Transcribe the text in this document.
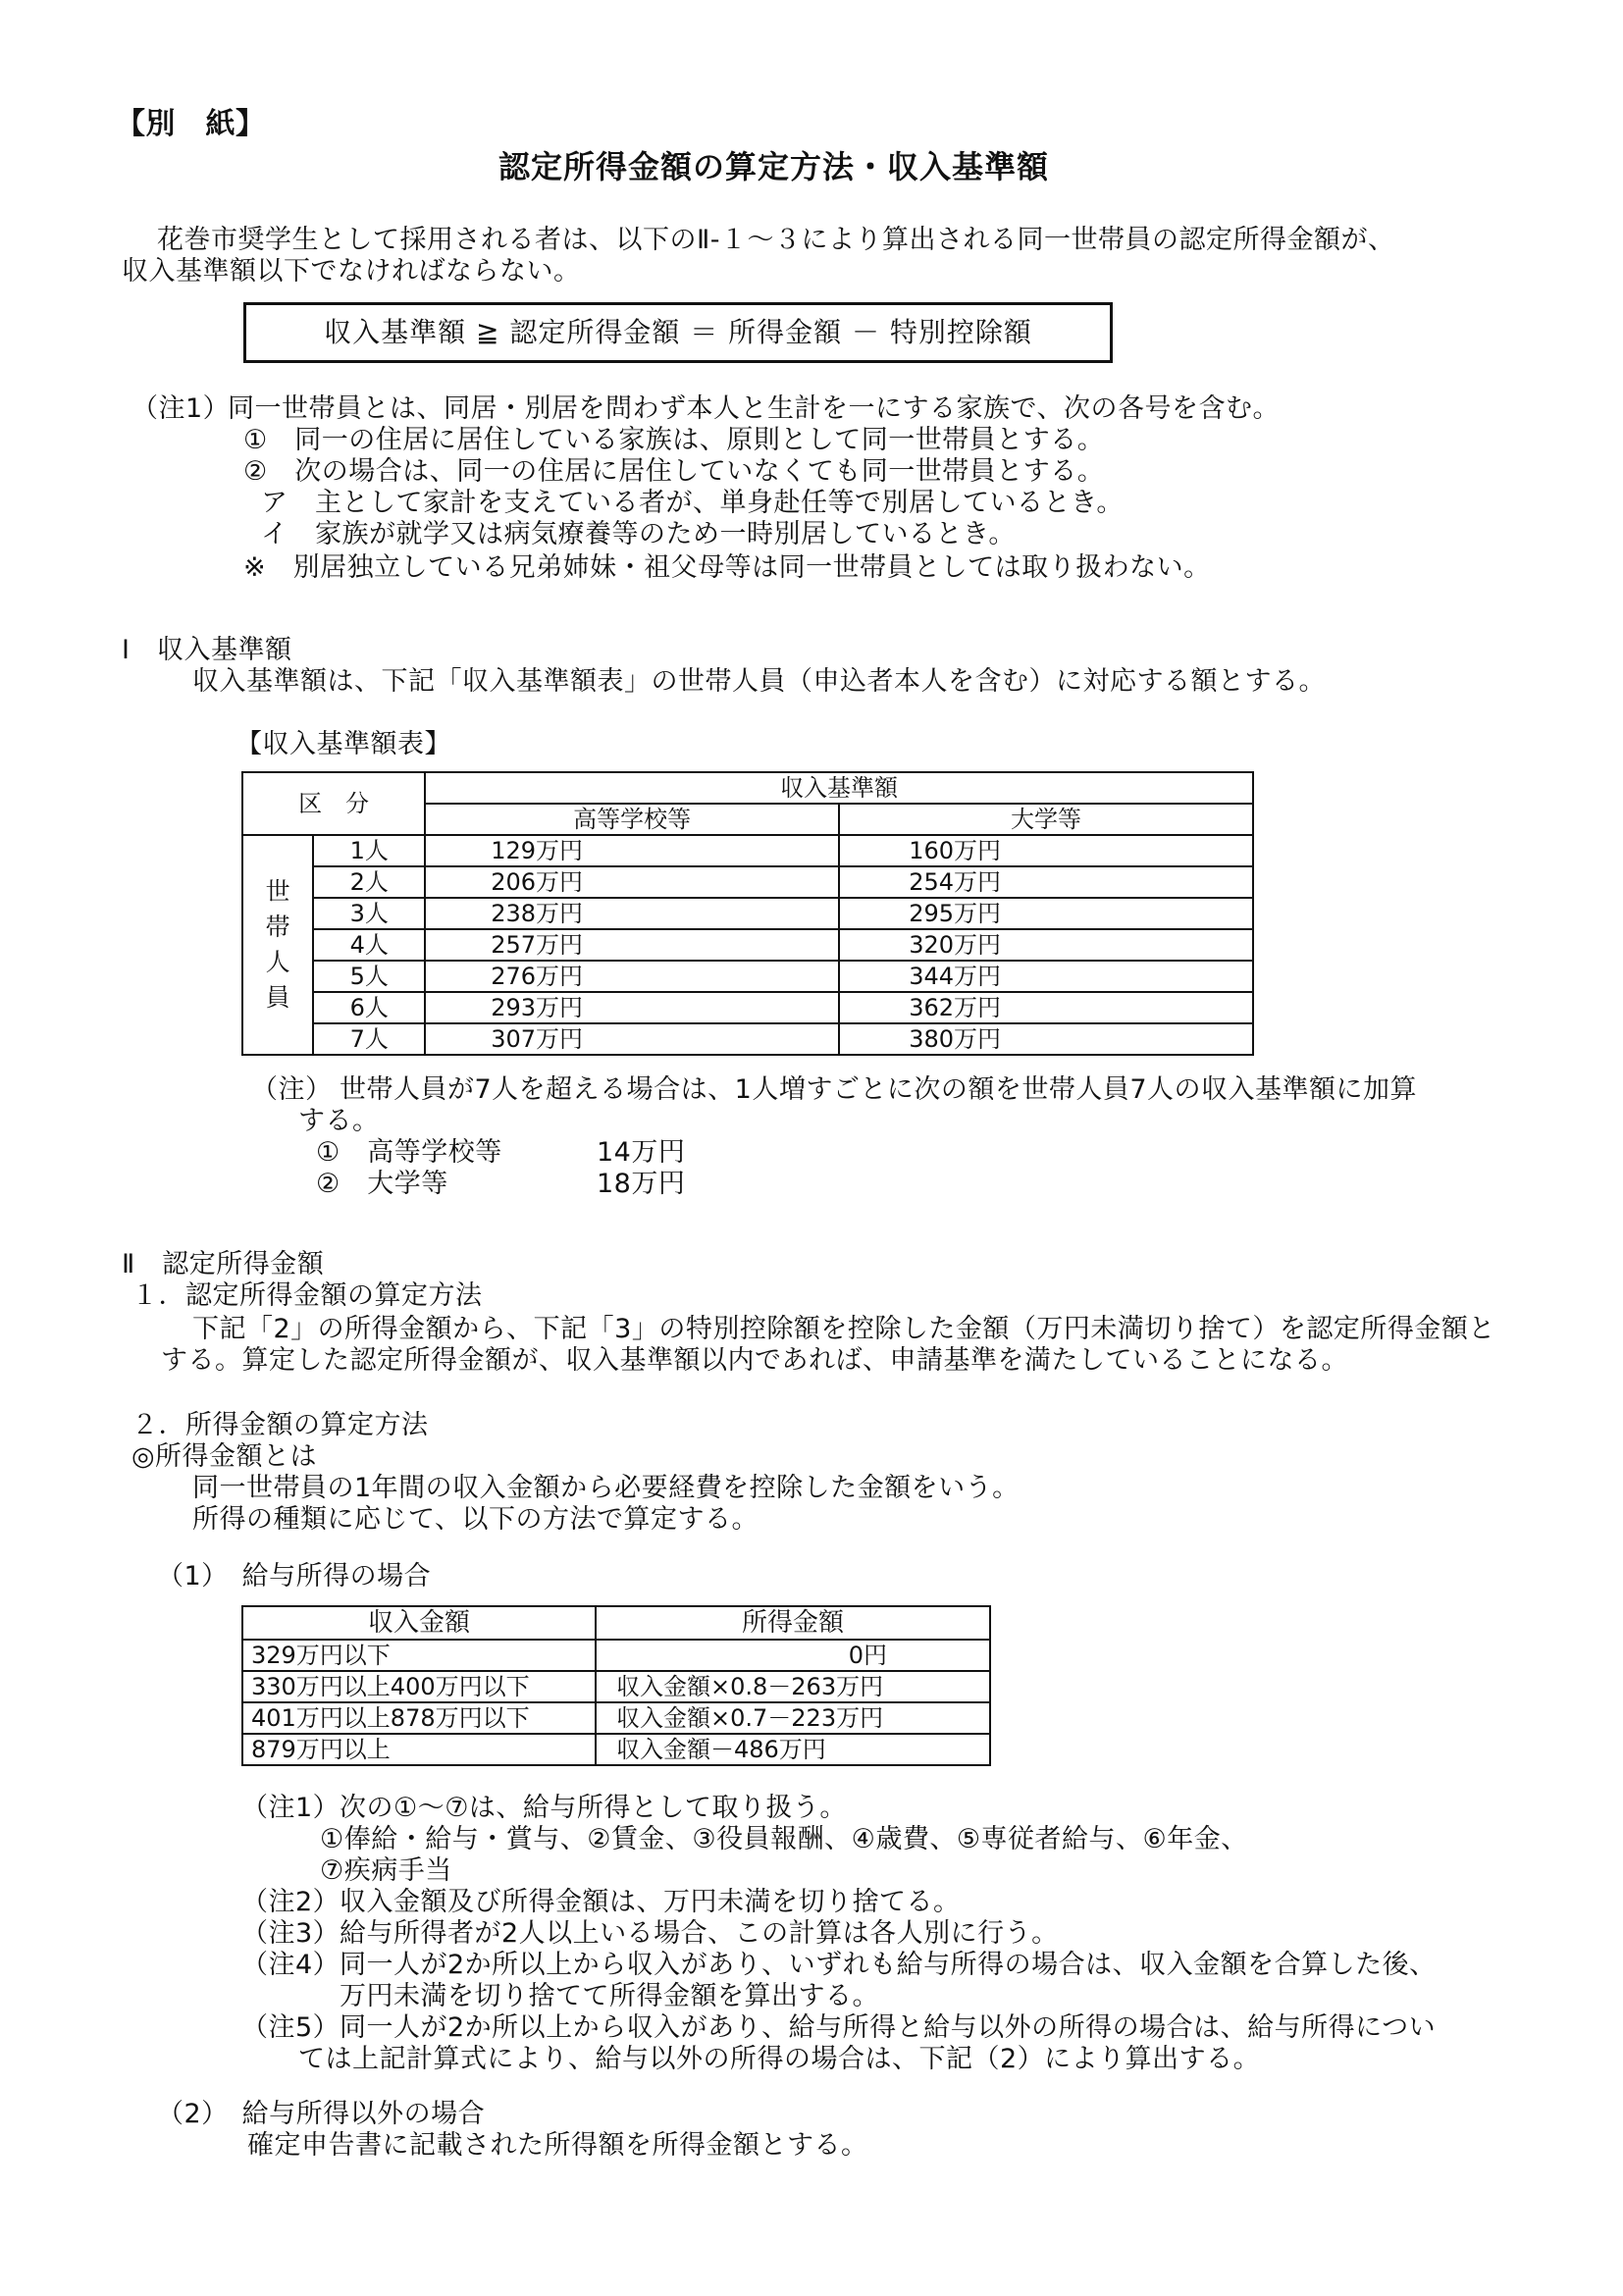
【別　紙】
認定所得金額の算定方法・収入基準額
花巻市奨学生として採用される者は、以下のⅡ-１～３により算出される同一世帯員の認定所得金額が、
収入基準額以下でなければならない。
収入基準額 ≧ 認定所得金額 ＝ 所得金額 － 特別控除額
（注1）
同一世帯員とは、同居・別居を問わず本人と生計を一にする家族で、次の各号を含む。
①　同一の住居に居住している家族は、原則として同一世帯員とする。
②　次の場合は、同一の住居に居住していなくても同一世帯員とする。
ア　主として家計を支えている者が、単身赴任等で別居しているとき。
イ　家族が就学又は病気療養等のため一時別居しているとき。
※　別居独立している兄弟姉妹・祖父母等は同一世帯員としては取り扱わない。
Ⅰ　収入基準額
収入基準額は、下記「収入基準額表」の世帯人員（申込者本人を含む）に対応する額とする。
【収入基準額表】
区　分		収入基準額	
		高等学校等	大学等
世帯人員	1人	129万円	160万円
	2人	206万円	254万円
	3人	238万円	295万円
	4人	257万円	320万円
	5人	276万円	344万円
	6人	293万円	362万円
	7人	307万円	380万円
（注） 世帯人員が7人を超える場合は、1人増すごとに次の額を世帯人員7人の収入基準額に加算
する。
①　高等学校等	14万円
②　大学等	18万円
Ⅱ　認定所得金額
１．認定所得金額の算定方法
下記「2」の所得金額から、下記「3」の特別控除額を控除した金額（万円未満切り捨て）を認定所得金額と
する。算定した認定所得金額が、収入基準額以内であれば、申請基準を満たしていることになる。
２．所得金額の算定方法
◎所得金額とは
同一世帯員の1年間の収入金額から必要経費を控除した金額をいう。
所得の種類に応じて、以下の方法で算定する。
（1）　給与所得の場合
収入金額	所得金額
329万円以下	0円
330万円以上400万円以下	収入金額×0.8－263万円
401万円以上878万円以下	収入金額×0.7－223万円
879万円以上	収入金額－486万円
（注1） 次の①～⑦は、給与所得として取り扱う。
①俸給・給与・賞与、②賃金、③役員報酬、④歳費、⑤専従者給与、⑥年金、
⑦疾病手当
（注2） 収入金額及び所得金額は、万円未満を切り捨てる。
（注3） 給与所得者が2人以上いる場合、この計算は各人別に行う。
（注4） 同一人が2か所以上から収入があり、いずれも給与所得の場合は、収入金額を合算した後、
万円未満を切り捨てて所得金額を算出する。
（注5） 同一人が2か所以上から収入があり、給与所得と給与以外の所得の場合は、給与所得につい
ては上記計算式により、給与以外の所得の場合は、下記（2）により算出する。
（2）　給与所得以外の場合
確定申告書に記載された所得額を所得金額とする。
